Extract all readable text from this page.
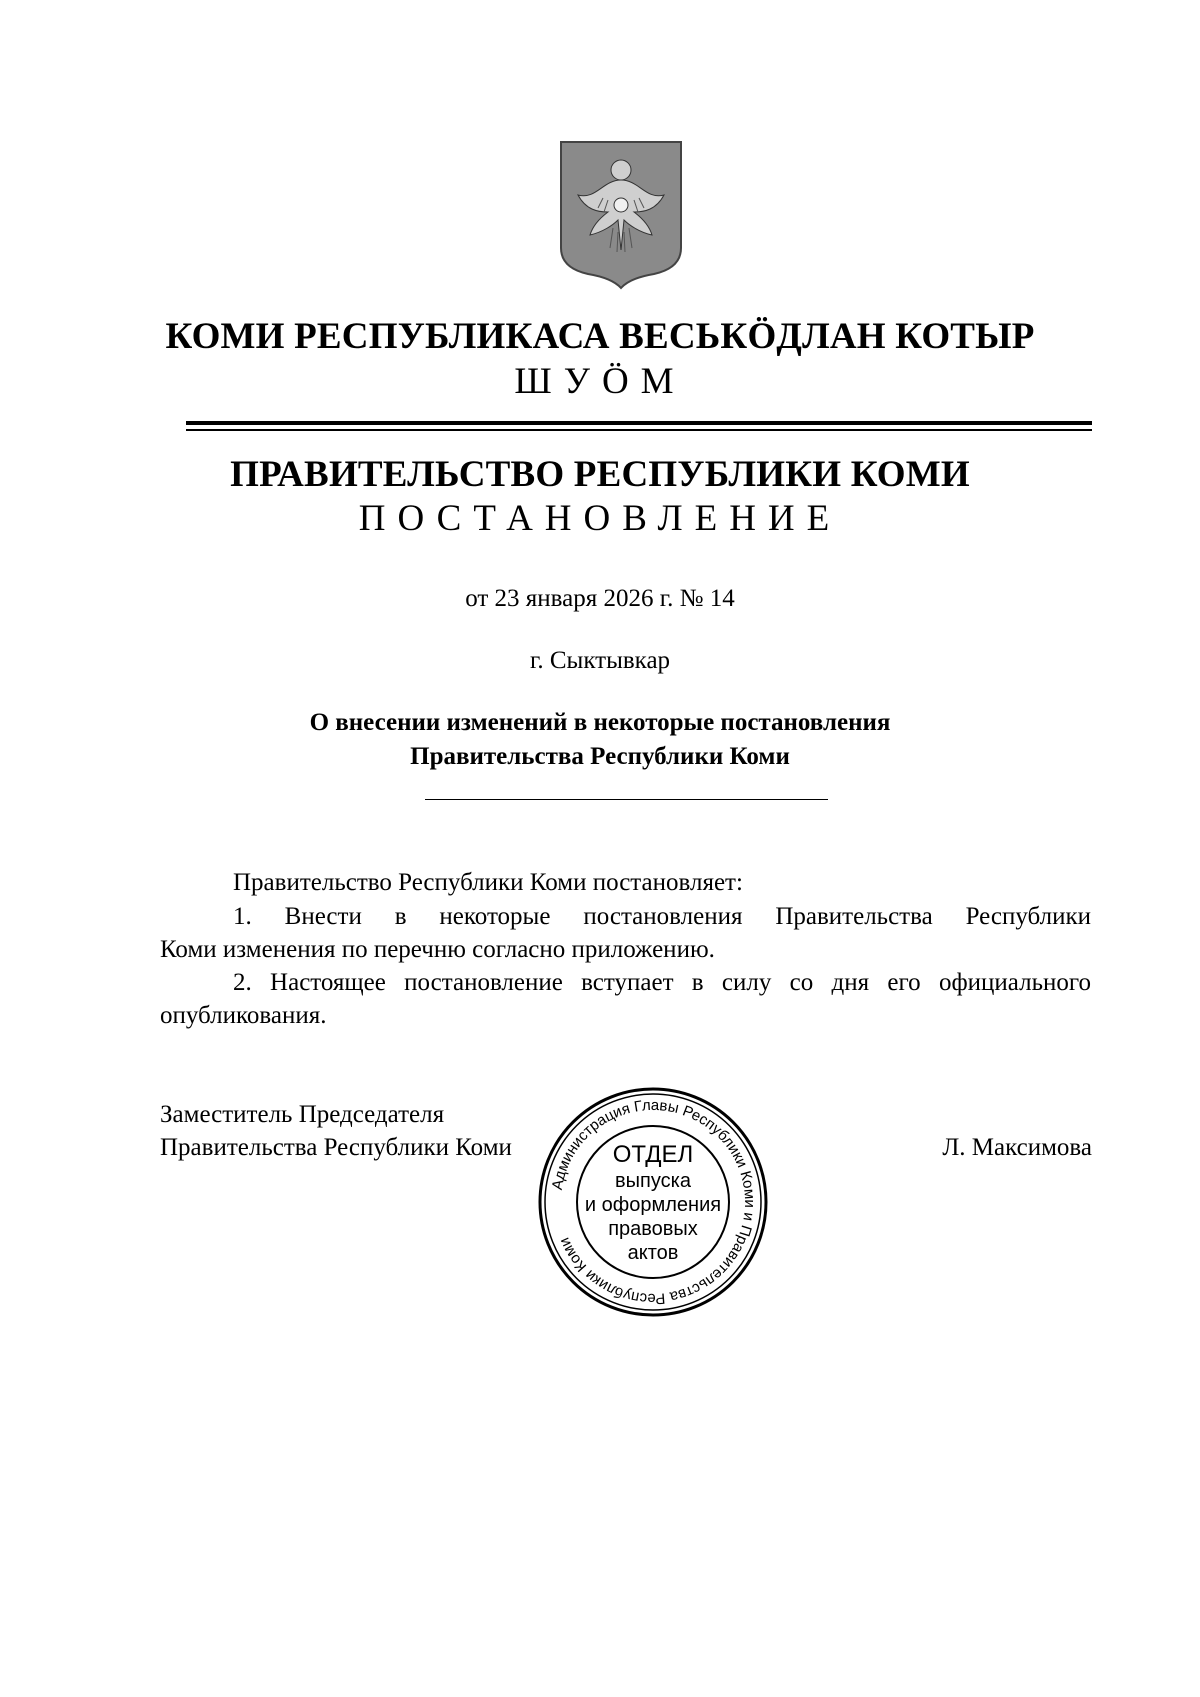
КОМИ РЕСПУБЛИКАСА ВЕСЬКӦДЛАН КОТЫР
ШУӦМ
ПРАВИТЕЛЬСТВО РЕСПУБЛИКИ КОМИ
ПОСТАНОВЛЕНИЕ
от 23 января 2026 г. № 14
г. Сыктывкар
О внесении изменений в некоторые постановления
Правительства Республики Коми
Правительство Республики Коми постановляет:
1. Внести в некоторые постановления Правительства Республики
Коми изменения по перечню согласно приложению.
2. Настоящее постановление вступает в силу со дня его официального
опубликования.
Заместитель Председателя
Правительства Республики Коми	Л. Максимова
Администрация Главы Республики Коми и Правительства Республики Коми
ОТДЕЛ
выпуска
и оформления
правовых
актов
